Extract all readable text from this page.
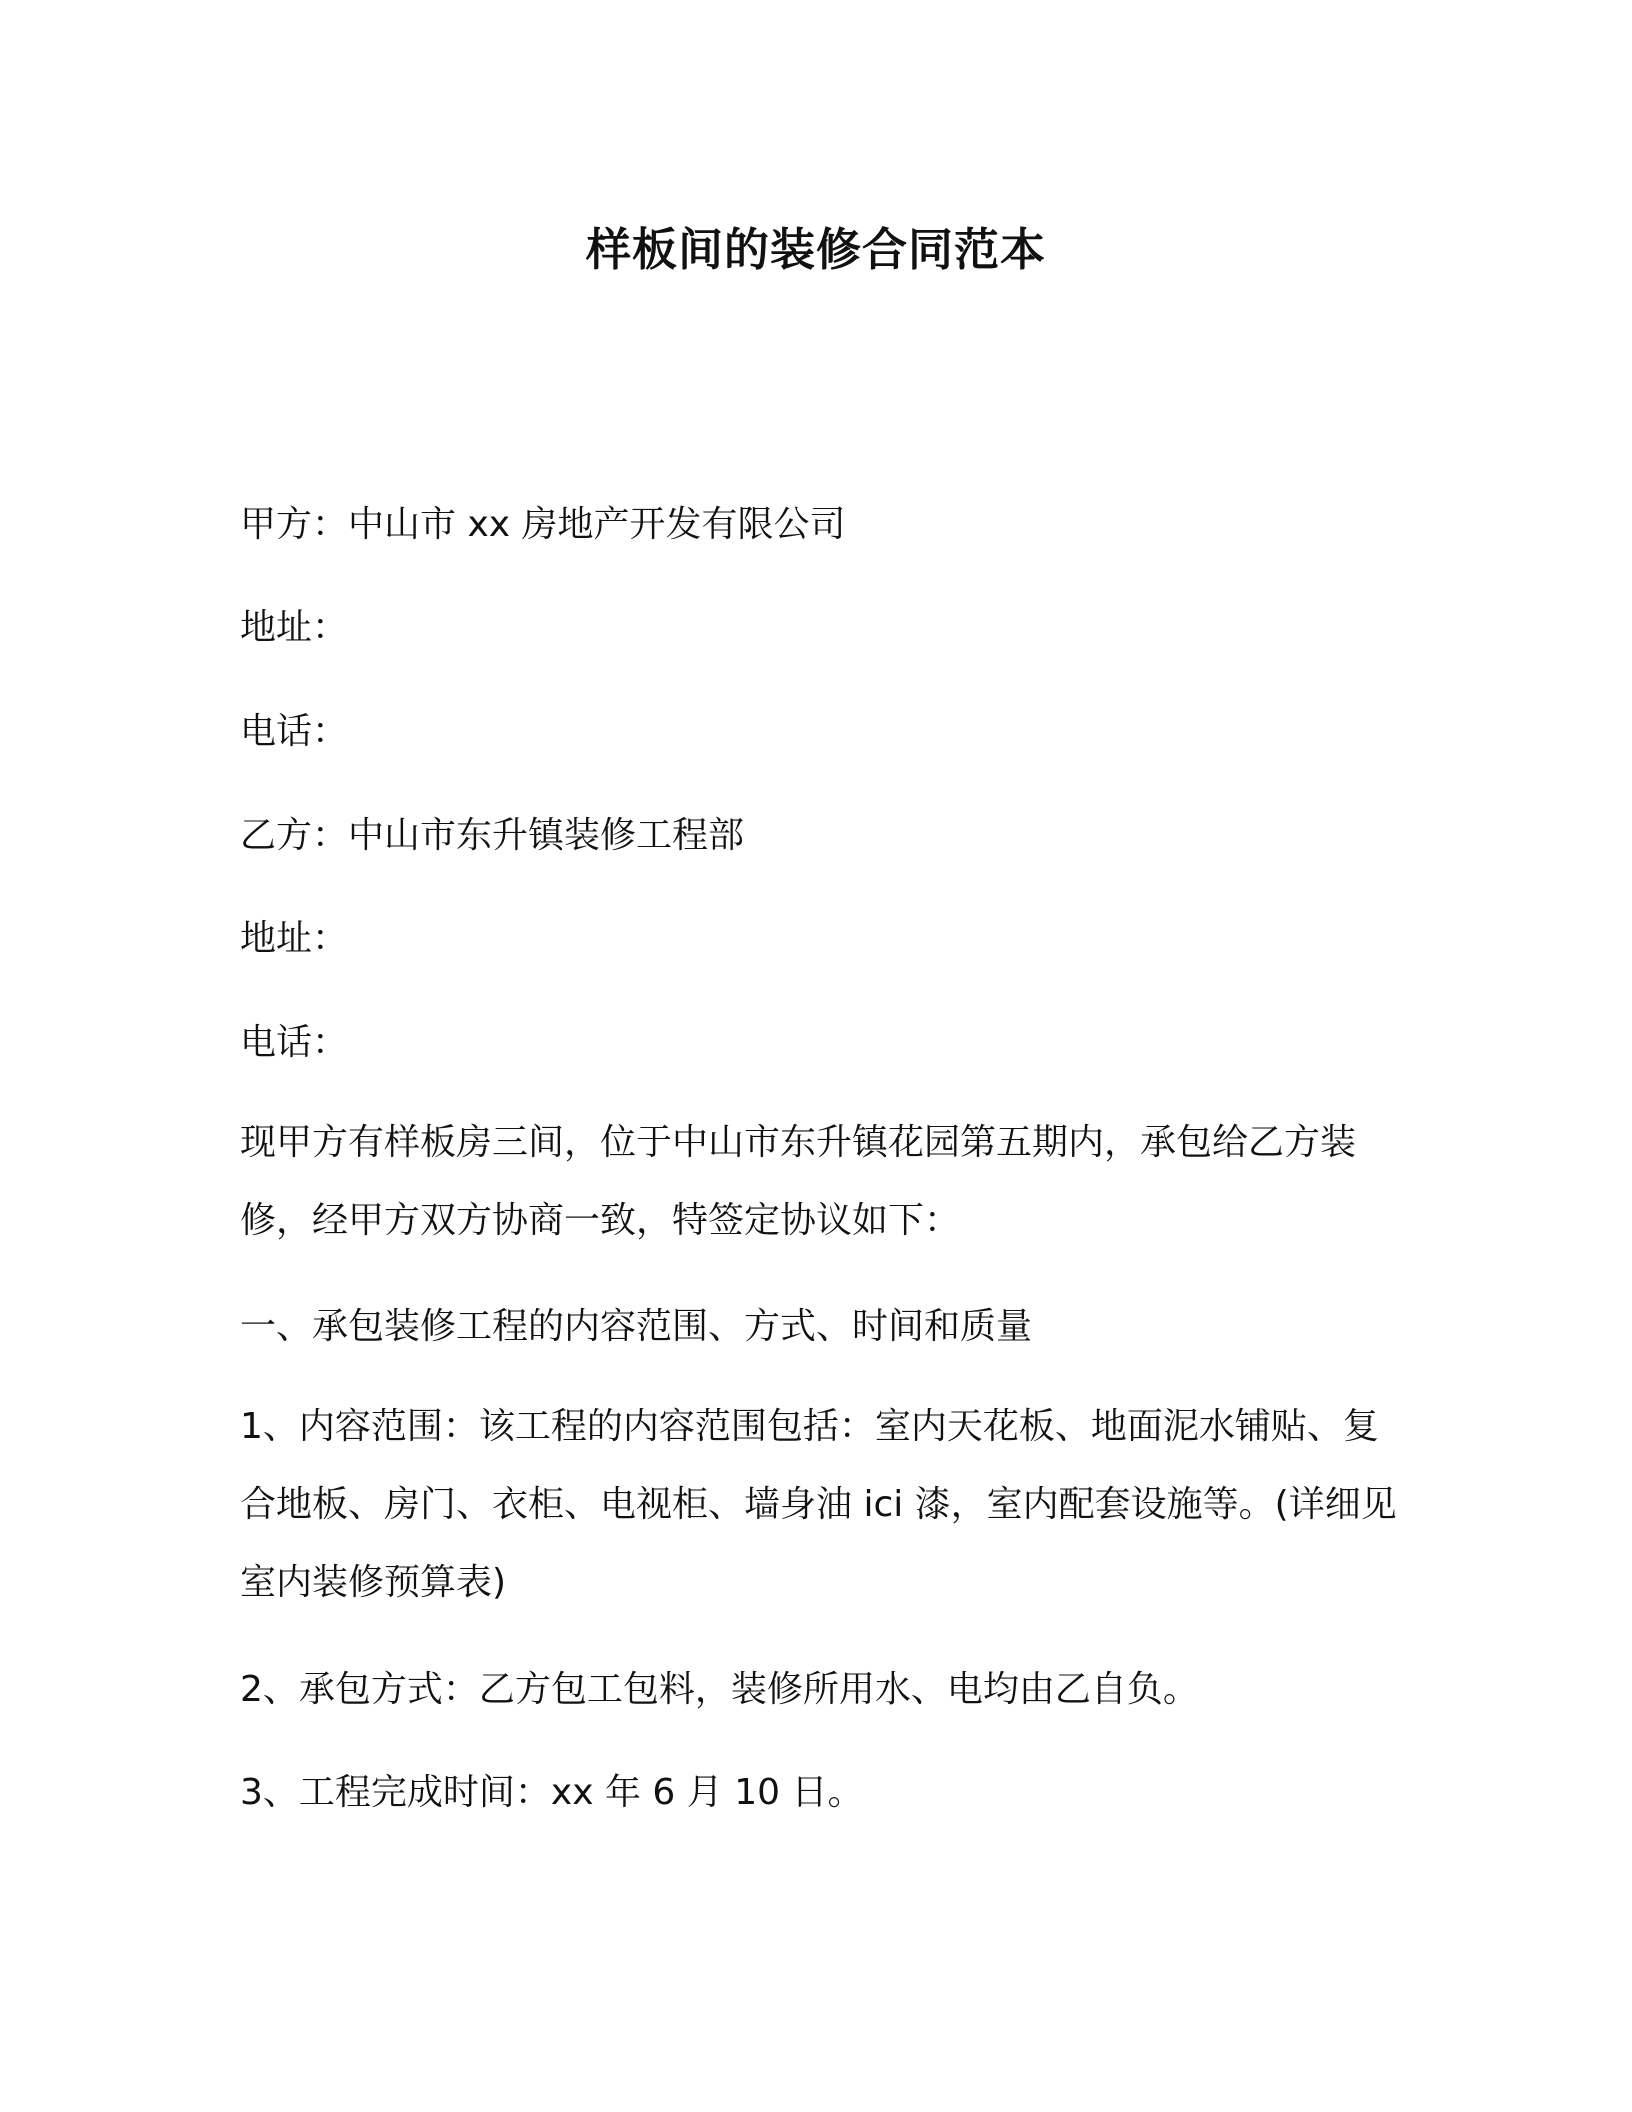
样板间的装修合同范本
甲方：中山市 xx 房地产开发有限公司
地址：
电话：
乙方：中山市东升镇装修工程部
地址：
电话：
现甲方有样板房三间，位于中山市东升镇花园第五期内，承包给乙方装修，经甲方双方协商一致，特签定协议如下：
一、承包装修工程的内容范围、方式、时间和质量
1、内容范围：该工程的内容范围包括：室内天花板、地面泥水铺贴、复合地板、房门、衣柜、电视柜、墙身油 ici 漆，室内配套设施等。(详细见室内装修预算表)
2、承包方式：乙方包工包料，装修所用水、电均由乙自负。
3、工程完成时间：xx 年 6 月 10 日。
